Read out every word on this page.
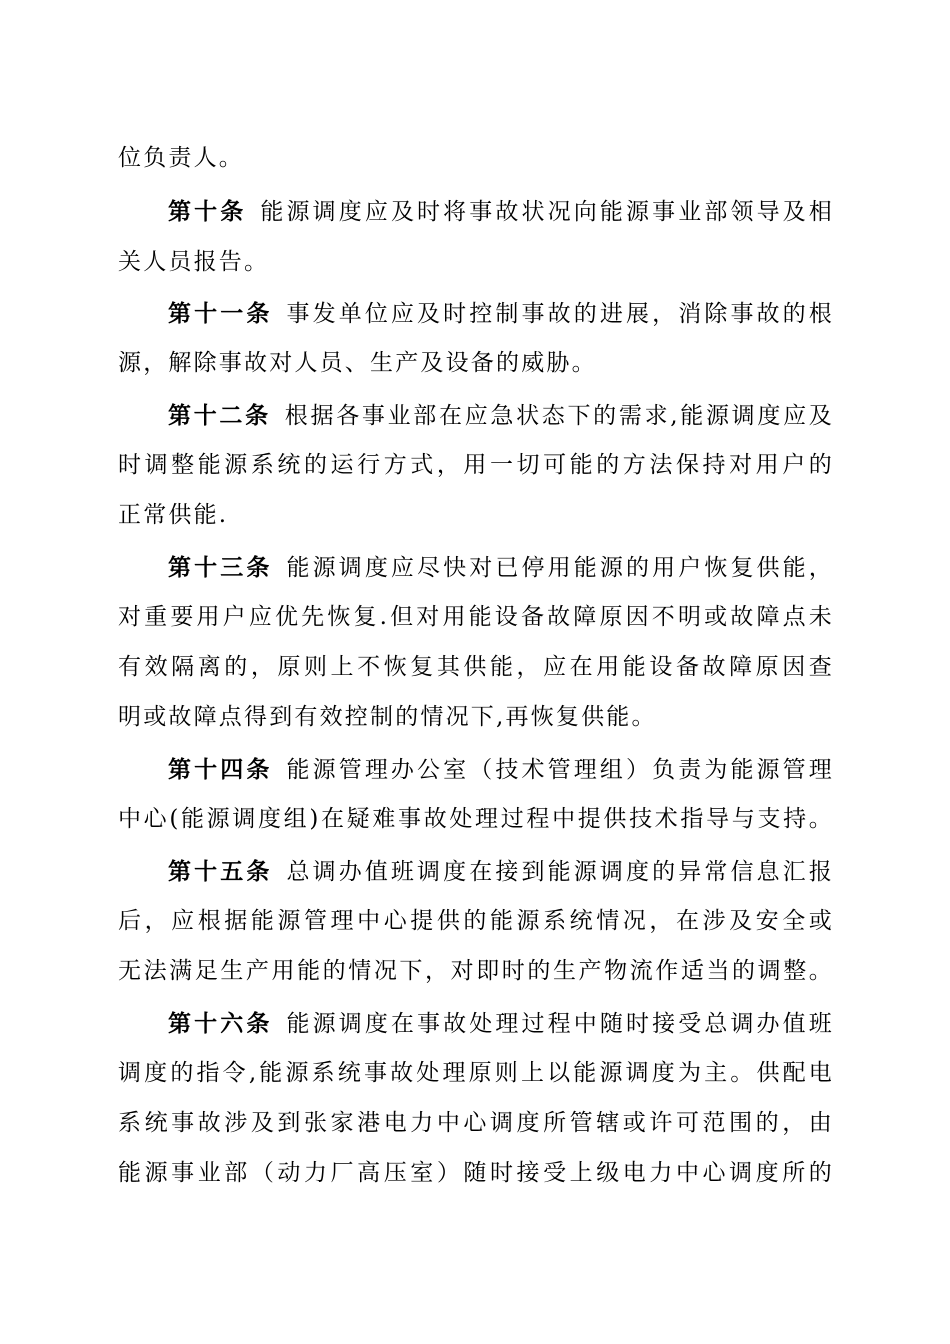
位负责人。
第十条 能源调度应及时将事故状况向能源事业部领导及相
关人员报告。
第十一条 事发单位应及时控制事故的进展，消除事故的根
源，解除事故对人员、生产及设备的威胁。
第十二条 根据各事业部在应急状态下的需求,能源调度应及
时调整能源系统的运行方式，用一切可能的方法保持对用户的
正常供能.
第十三条 能源调度应尽快对已停用能源的用户恢复供能，
对重要用户应优先恢复.但对用能设备故障原因不明或故障点未
有效隔离的，原则上不恢复其供能，应在用能设备故障原因查
明或故障点得到有效控制的情况下,再恢复供能。
第十四条 能源管理办公室（技术管理组）负责为能源管理
中心(能源调度组)在疑难事故处理过程中提供技术指导与支持。
第十五条 总调办值班调度在接到能源调度的异常信息汇报
后，应根据能源管理中心提供的能源系统情况，在涉及安全或
无法满足生产用能的情况下，对即时的生产物流作适当的调整。
第十六条 能源调度在事故处理过程中随时接受总调办值班
调度的指令,能源系统事故处理原则上以能源调度为主。供配电
系统事故涉及到张家港电力中心调度所管辖或许可范围的，由
能源事业部（动力厂高压室）随时接受上级电力中心调度所的
